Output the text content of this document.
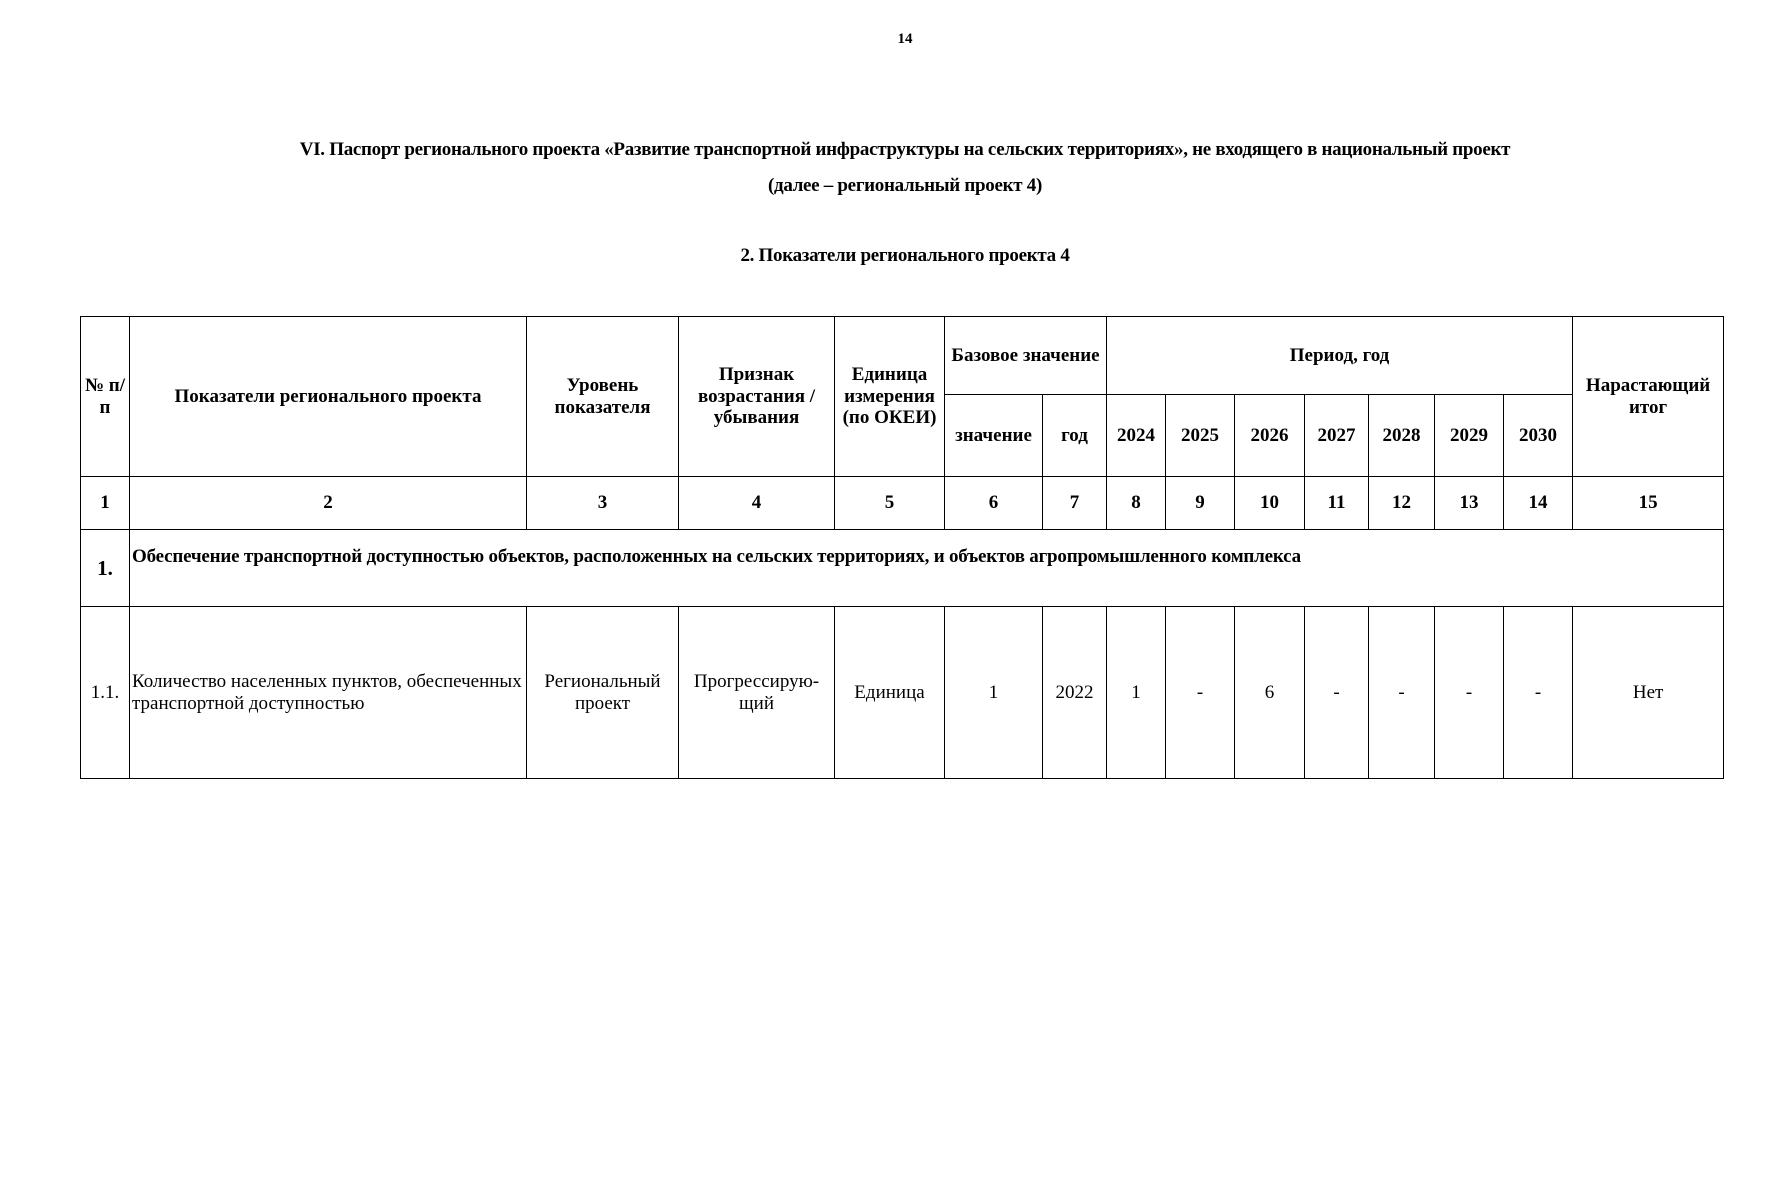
14
VI. Паспорт регионального проекта «Развитие транспортной инфраструктуры на сельских территориях», не входящего в национальный проект
(далее – региональный проект 4)
2. Показатели регионального проекта 4
№ п/п	Показатели регионального проекта	Уровень показателя	Признак возрастания / убывания	Единица измерения (по ОКЕИ)	Базовое значение		Период, год							Нарастающий итог
					значение	год	2024	2025	2026	2027	2028	2029	2030	
1	2	3	4	5	6	7	8	9	10	11	12	13	14	15
1.	Обеспечение транспортной доступностью объектов, расположенных на сельских территориях, и объектов агропромышленного комплекса													
1.1.	Количество населенных пунктов, обеспеченных транспортной доступностью	Региональный проект	Прогрессирую-щий	Единица	1	2022	1	-	6	-	-	-	-	Нет
